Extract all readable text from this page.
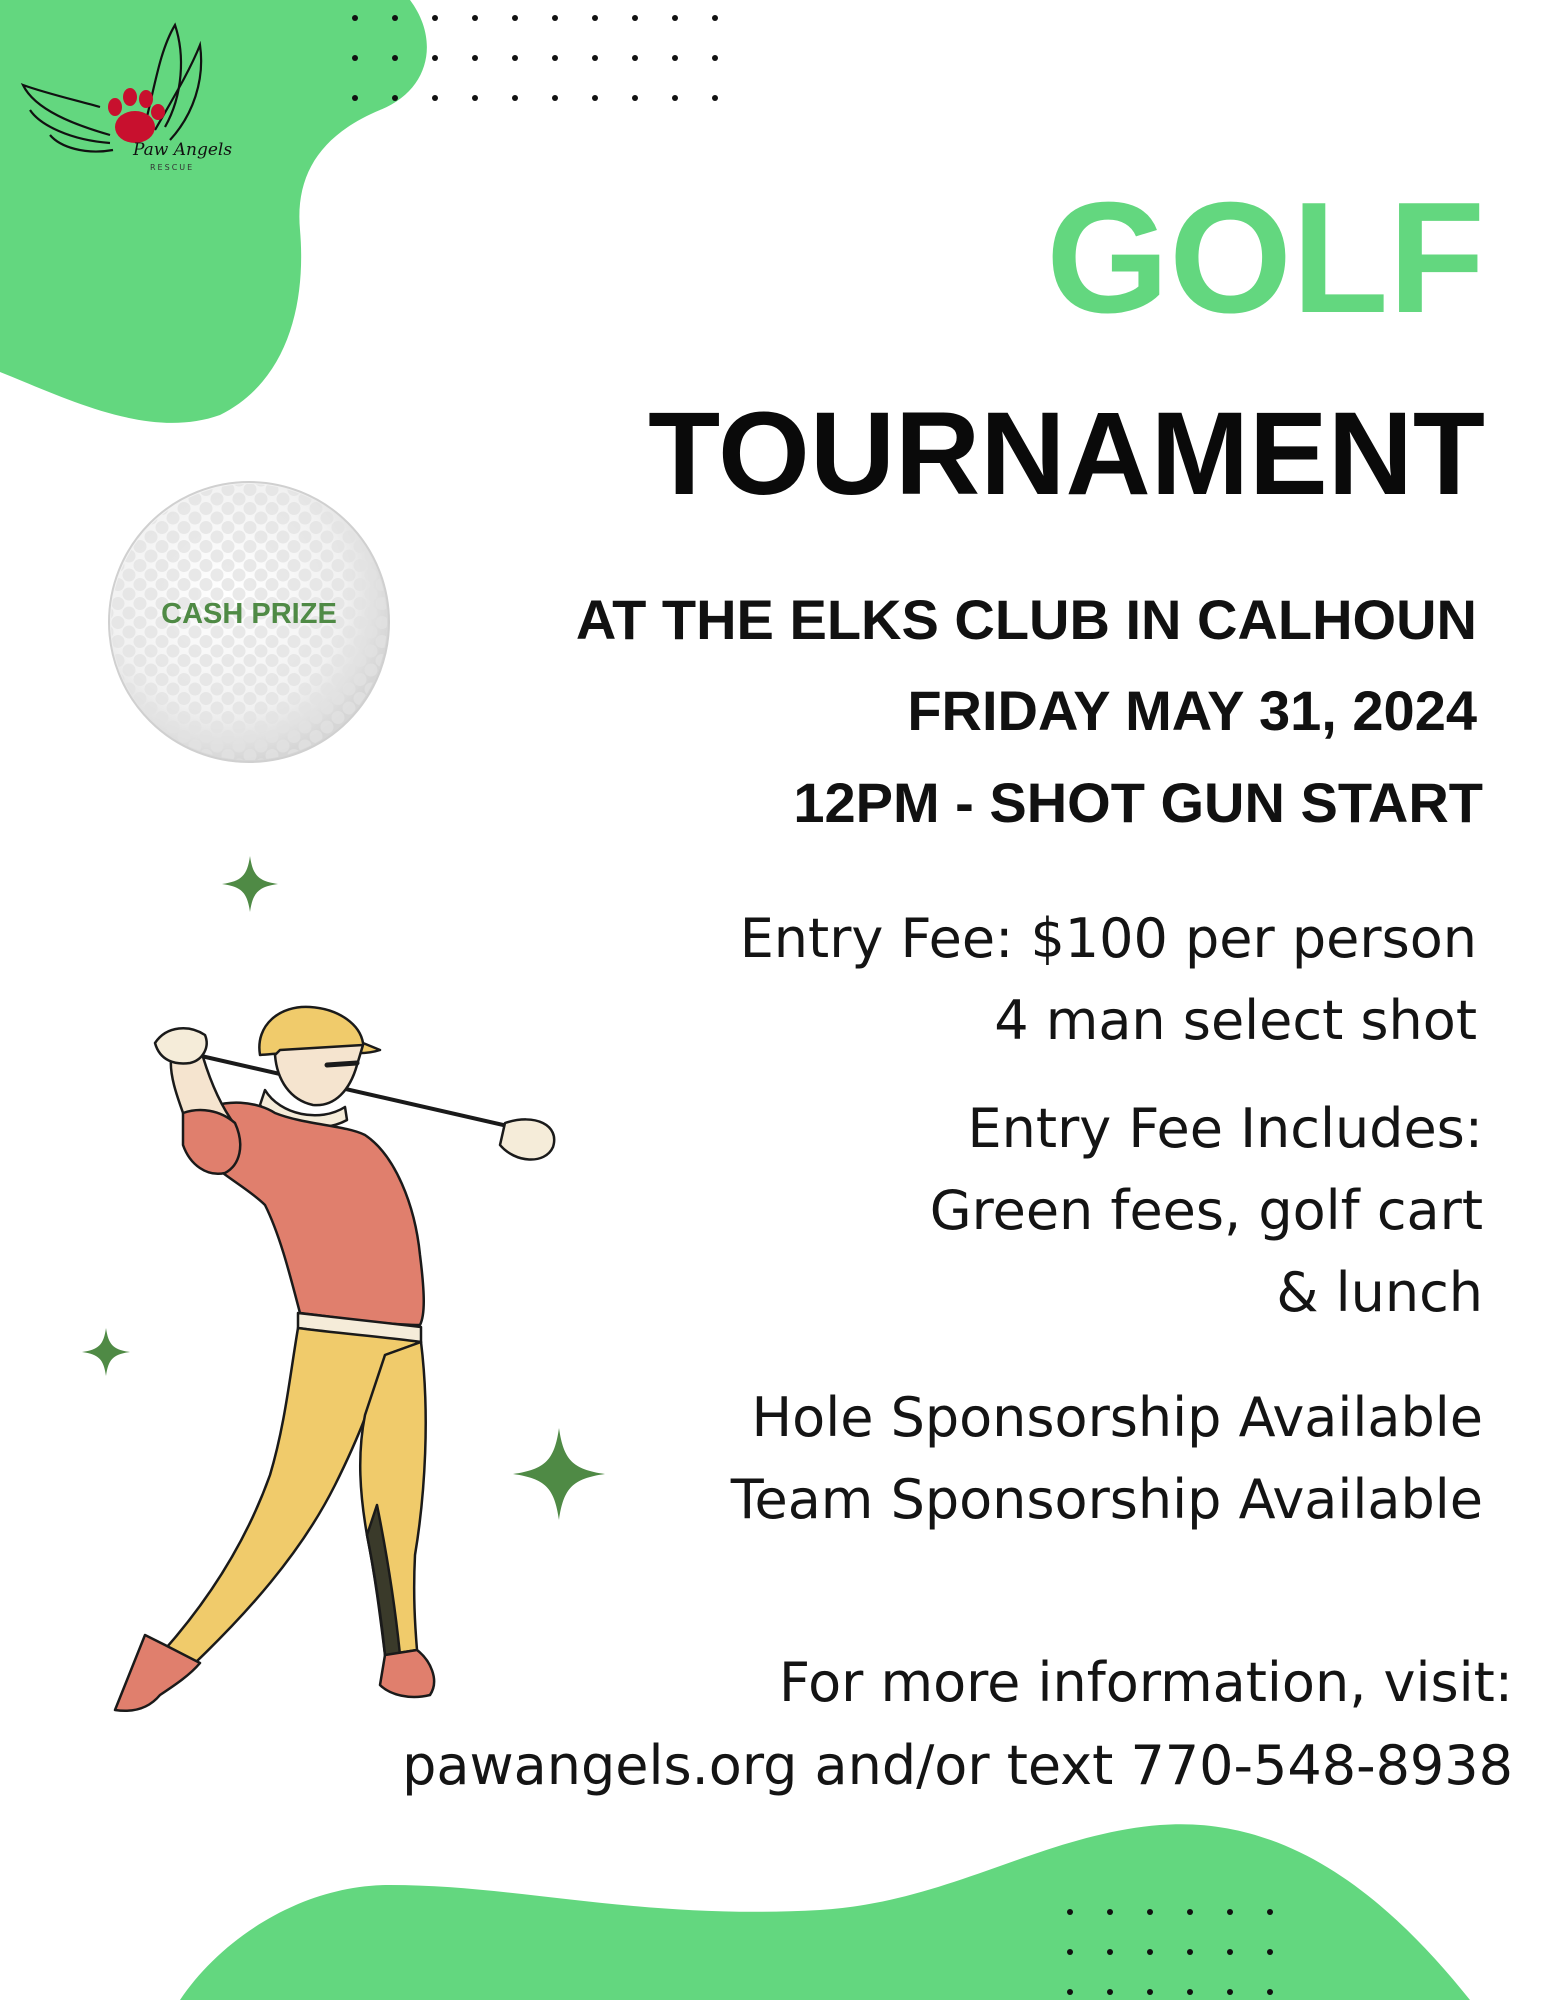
Paw Angels
RESCUE
CASH PRIZE
GOLF
TOURNAMENT
AT THE ELKS CLUB IN CALHOUN
FRIDAY MAY 31, 2024
12PM - SHOT GUN START
Entry Fee: $100 per person
4 man select shot
Entry Fee Includes:
Green fees, golf cart
& lunch
Hole Sponsorship Available
Team Sponsorship Available
For more information, visit:
pawangels.org and/or text 770-548-8938
